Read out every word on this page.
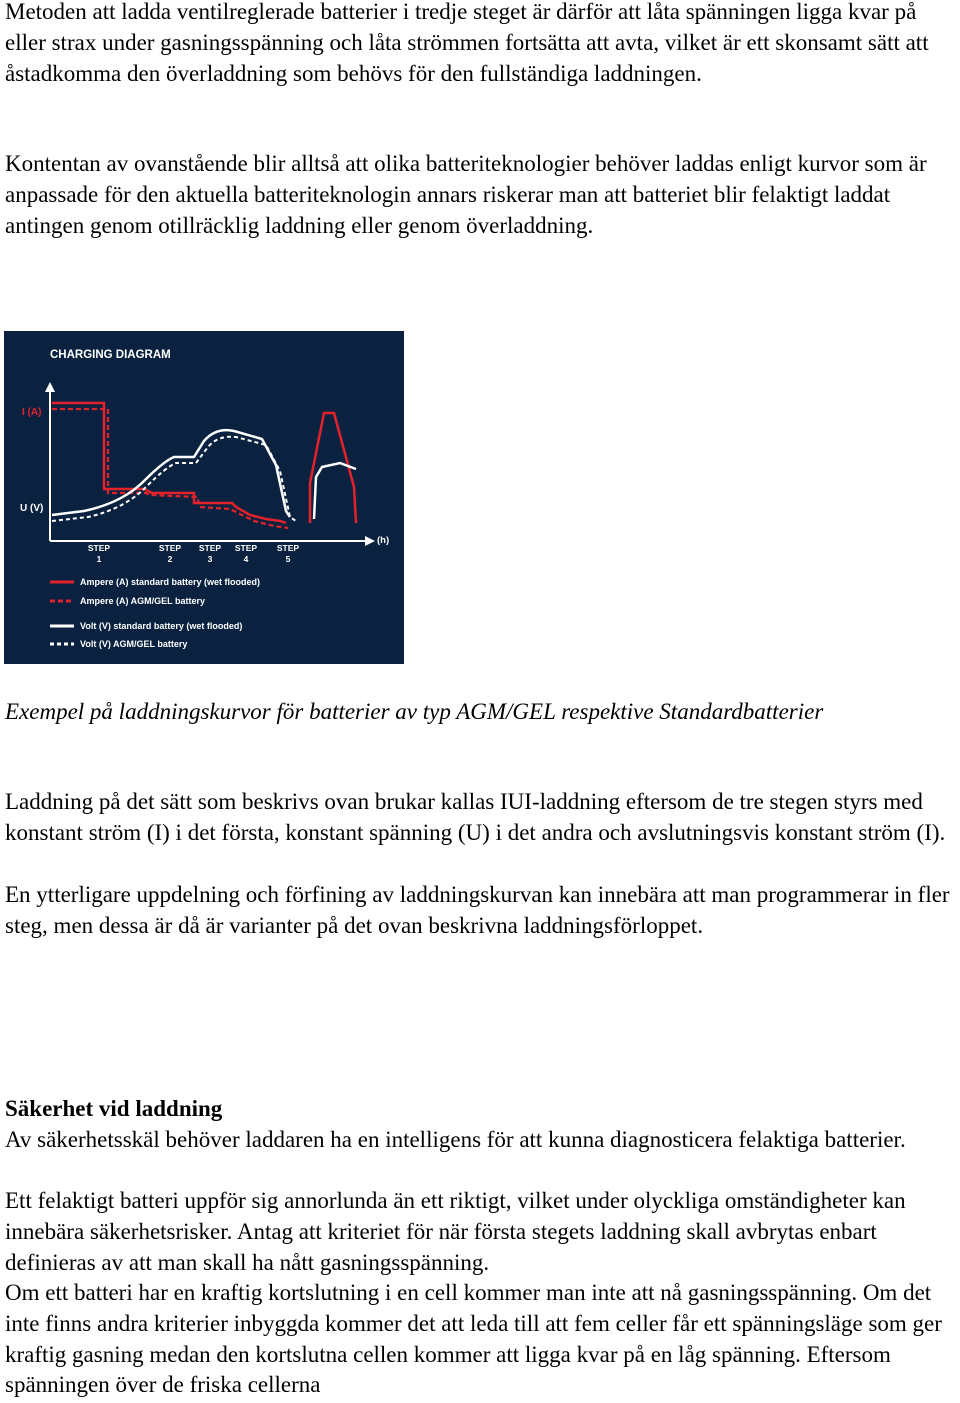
Metoden att ladda ventilreglerade batterier i tredje steget är därför att låta spänningen ligga kvar på eller strax under gasningsspänning och låta strömmen fortsätta att avta, vilket är ett skonsamt sätt att åstadkomma den överladdning som behövs för den fullständiga laddningen.

Kontentan av ovanstående blir alltså att olika batteriteknologier behöver laddas enligt kurvor som är anpassade för den aktuella batteriteknologin annars riskerar man att batteriet blir felaktigt laddat antingen genom otillräcklig laddning eller genom överladdning.

CHARGING DIAGRAM
I (A)
U (V)
(h)
STEP
1
STEP
2
STEP
3
STEP
4
STEP
5
Ampere (A) standard battery (wet flooded)
Ampere (A) AGM/GEL battery
Volt (V) standard battery (wet flooded)
Volt (V) AGM/GEL battery

Exempel på laddningskurvor för batterier av typ AGM/GEL respektive Standardbatterier

Laddning på det sätt som beskrivs ovan brukar kallas IUI-laddning eftersom de tre stegen styrs med konstant ström (I) i det första, konstant spänning (U) i det andra och avslutningsvis konstant ström (I).

En ytterligare uppdelning och förfining av laddningskurvan kan innebära att man programmerar in fler steg, men dessa är då är varianter på det ovan beskrivna laddningsförloppet.

Säkerhet vid laddning

Av säkerhetsskäl behöver laddaren ha en intelligens för att kunna diagnosticera felaktiga batterier.

Ett felaktigt batteri uppför sig annorlunda än ett riktigt, vilket under olyckliga omständigheter kan innebära säkerhetsrisker. Antag att kriteriet för när första stegets laddning skall avbrytas enbart definieras av att man skall ha nått gasningsspänning.

Om ett batteri har en kraftig kortslutning i en cell kommer man inte att nå gasningsspänning. Om det inte finns andra kriterier inbyggda kommer det att leda till att fem celler får ett spänningsläge som ger kraftig gasning medan den kortslutna cellen kommer att ligga kvar på en låg spänning. Eftersom spänningen över de friska cellerna
